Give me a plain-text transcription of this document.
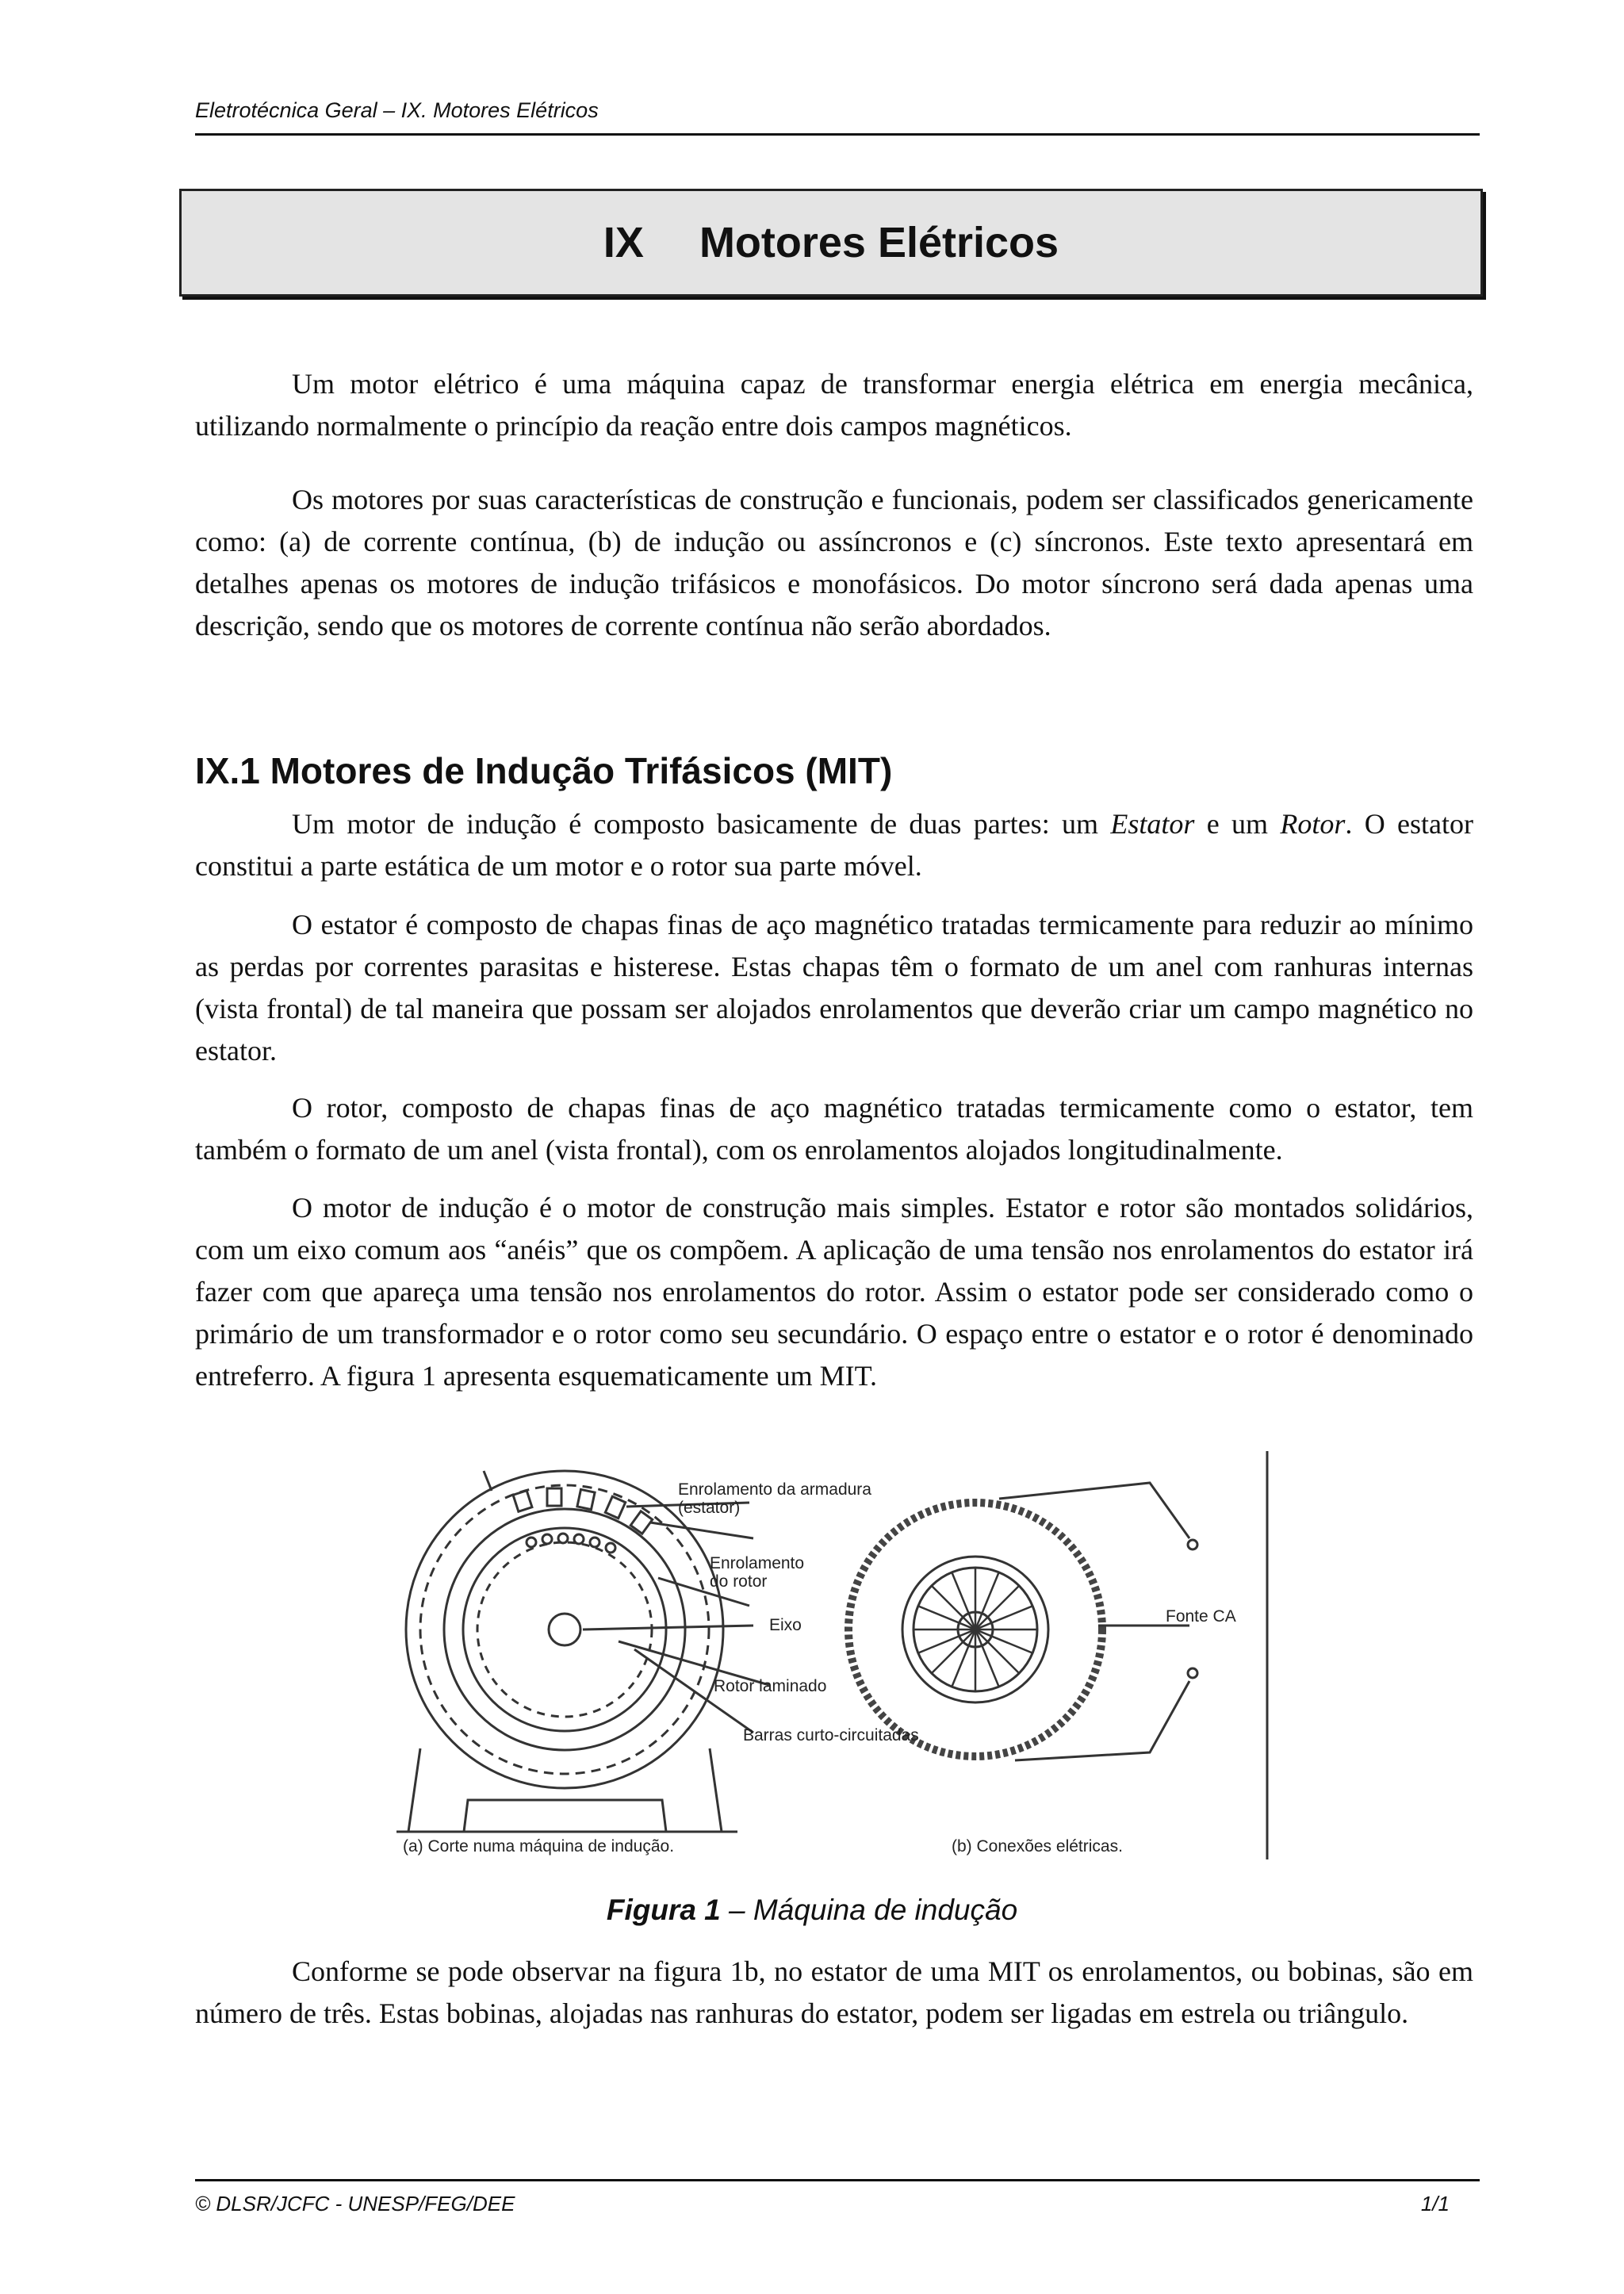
Eletrotécnica Geral – IX. Motores Elétricos
IX Motores Elétricos

Um motor elétrico é uma máquina capaz de transformar energia elétrica em energia mecânica, utilizando normalmente o princípio da reação entre dois campos magnéticos.

Os motores por suas características de construção e funcionais, podem ser classificados genericamente como: (a) de corrente contínua, (b) de indução ou assíncronos e (c) síncronos. Este texto apresentará em detalhes apenas os motores de indução trifásicos e monofásicos. Do motor síncrono será dada apenas uma descrição, sendo que os motores de corrente contínua não serão abordados.

IX.1 Motores de Indução Trifásicos (MIT)

Um motor de indução é composto basicamente de duas partes: um Estator e um Rotor. O estator constitui a parte estática de um motor e o rotor sua parte móvel.

O estator é composto de chapas finas de aço magnético tratadas termicamente para reduzir ao mínimo as perdas por correntes parasitas e histerese. Estas chapas têm o formato de um anel com ranhuras internas (vista frontal) de tal maneira que possam ser alojados enrolamentos que deverão criar um campo magnético no estator.

O rotor, composto de chapas finas de aço magnético tratadas termicamente como o estator, tem também o formato de um anel (vista frontal), com os enrolamentos alojados longitudinalmente.

O motor de indução é o motor de construção mais simples. Estator e rotor são montados solidários, com um eixo comum aos “anéis” que os compõem. A aplicação de uma tensão nos enrolamentos do estator irá fazer com que apareça uma tensão nos enrolamentos do rotor. Assim o estator pode ser considerado como o primário de um transformador e o rotor como seu secundário. O espaço entre o estator e o rotor é denominado entreferro. A figura 1 apresenta esquematicamente um MIT.

Enrolamento da armadura
(estator)
Enrolamento
do rotor
Eixo
Rotor laminado
Barras curto-circuitadas
Fonte CA
(a) Corte numa máquina de indução.	(b) Conexões elétricas.
Figura 1 – Máquina de indução

Conforme se pode observar na figura 1b, no estator de uma MIT os enrolamentos, ou bobinas, são em número de três. Estas bobinas, alojadas nas ranhuras do estator, podem ser ligadas em estrela ou triângulo.

© DLSR/JCFC - UNESP/FEG/DEE	1/1
